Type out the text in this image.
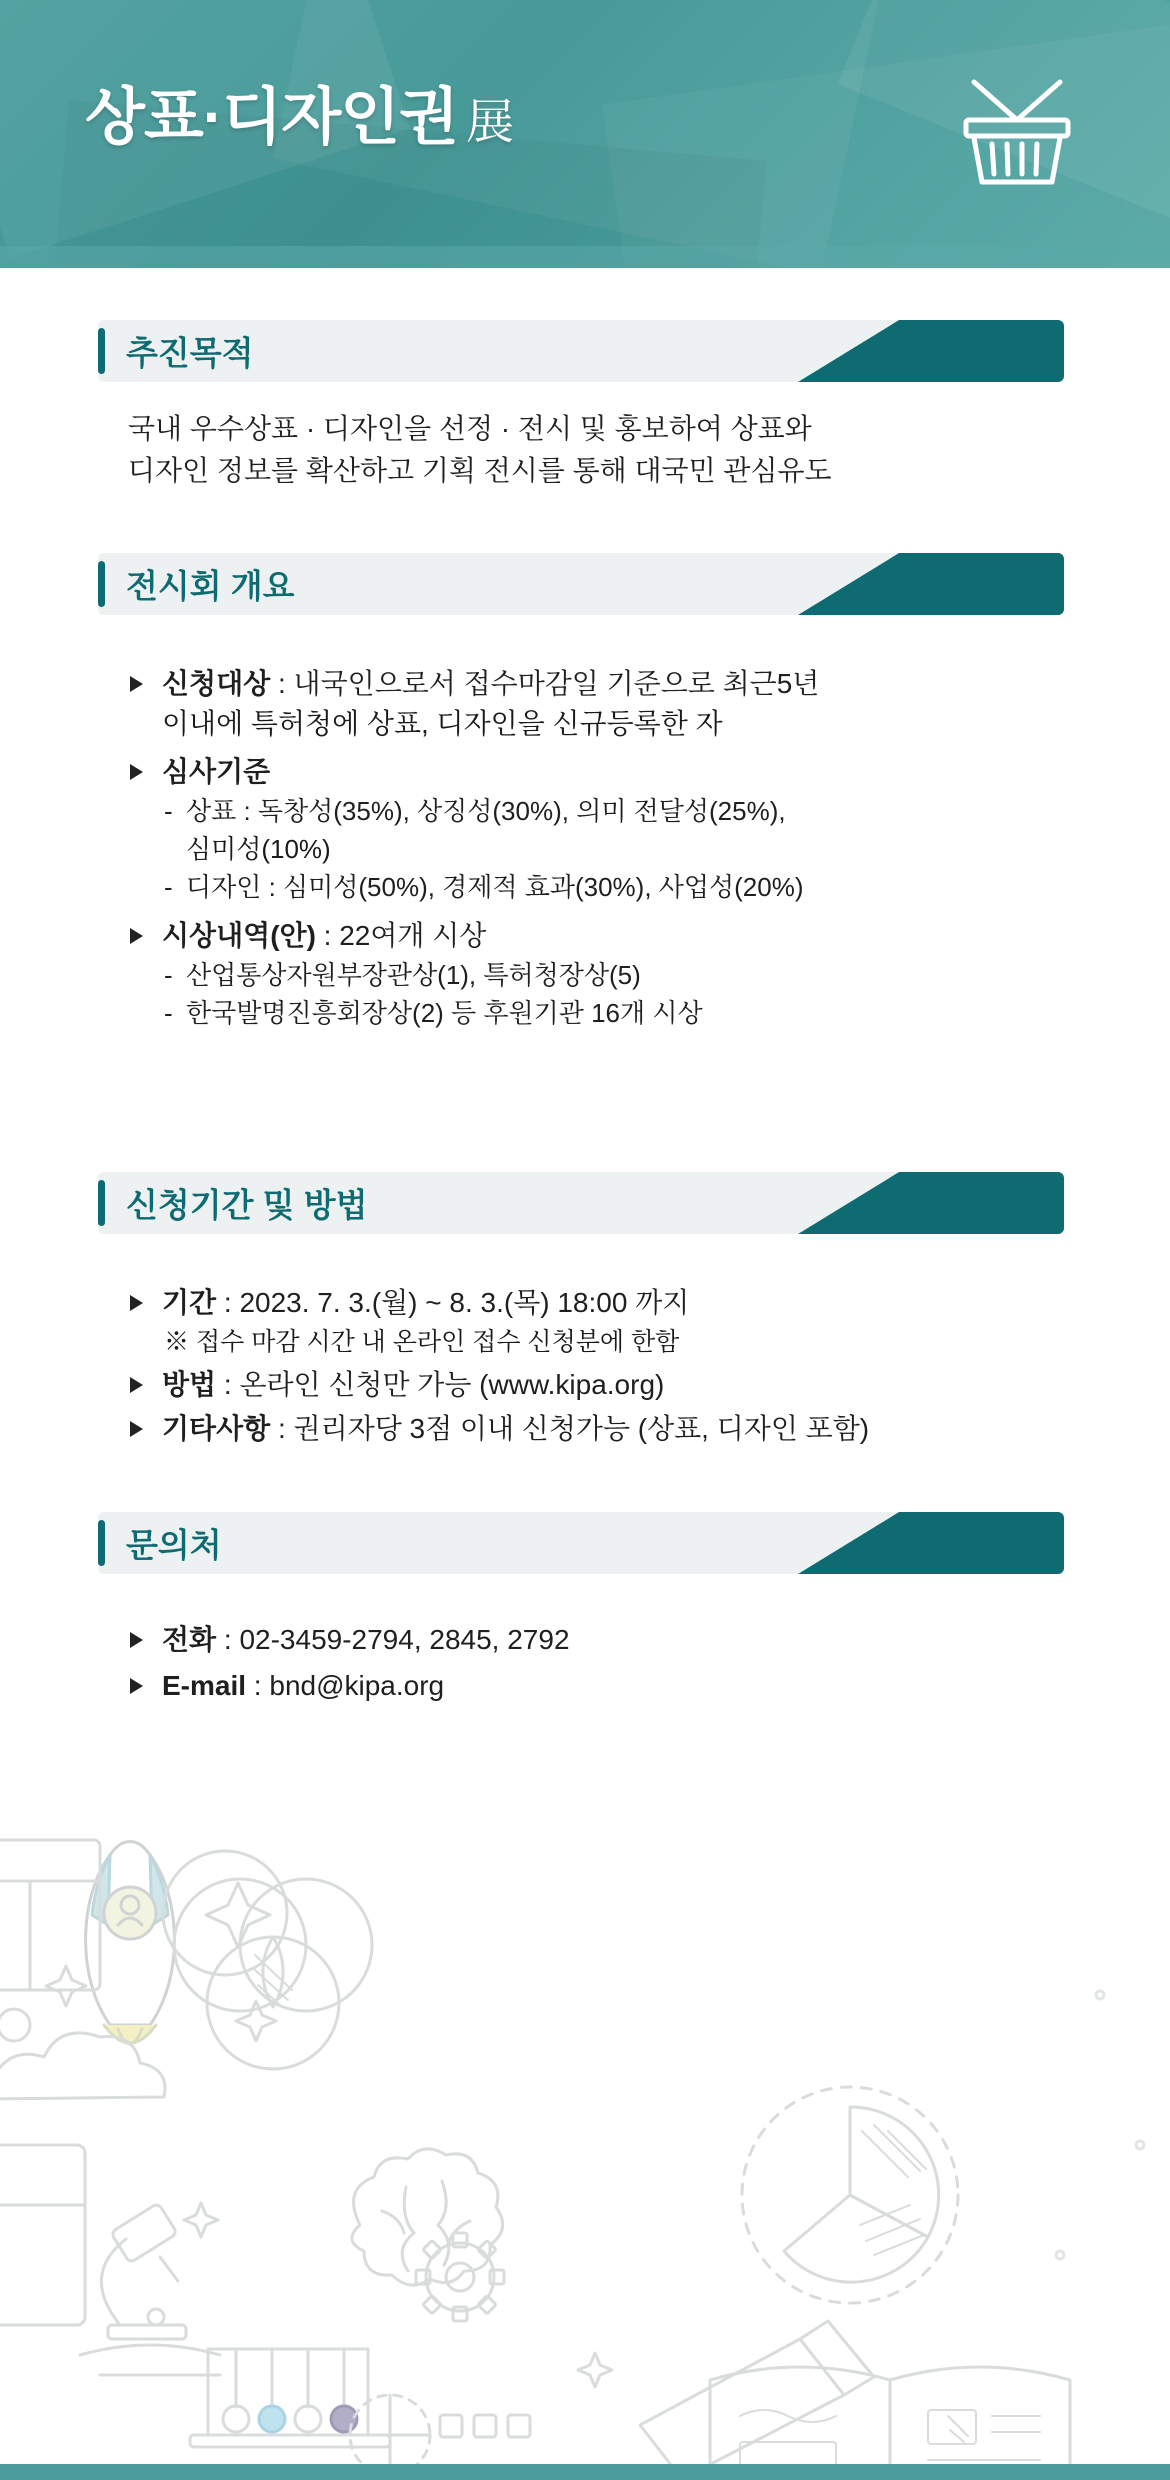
상표·디자인권 展
추진목적
국내 우수상표 · 디자인을 선정 · 전시 및 홍보하여 상표와
디자인 정보를 확산하고 기획 전시를 통해 대국민 관심유도
전시회 개요
신청대상 : 내국인으로서 접수마감일 기준으로 최근5년
이내에 특허청에 상표, 디자인을 신규등록한 자
심사기준
- 상표 : 독창성(35%), 상징성(30%), 의미 전달성(25%),
심미성(10%)
- 디자인 : 심미성(50%), 경제적 효과(30%), 사업성(20%)
시상내역(안) : 22여개 시상
- 산업통상자원부장관상(1), 특허청장상(5)
- 한국발명진흥회장상(2) 등 후원기관 16개 시상
신청기간 및 방법
기간 : 2023. 7. 3.(월) ~ 8. 3.(목) 18:00 까지
※ 접수 마감 시간 내 온라인 접수 신청분에 한함
방법 : 온라인 신청만 가능 (www.kipa.org)
기타사항 : 권리자당 3점 이내 신청가능 (상표, 디자인 포함)
문의처
전화 : 02-3459-2794, 2845, 2792
E-mail : bnd@kipa.org
